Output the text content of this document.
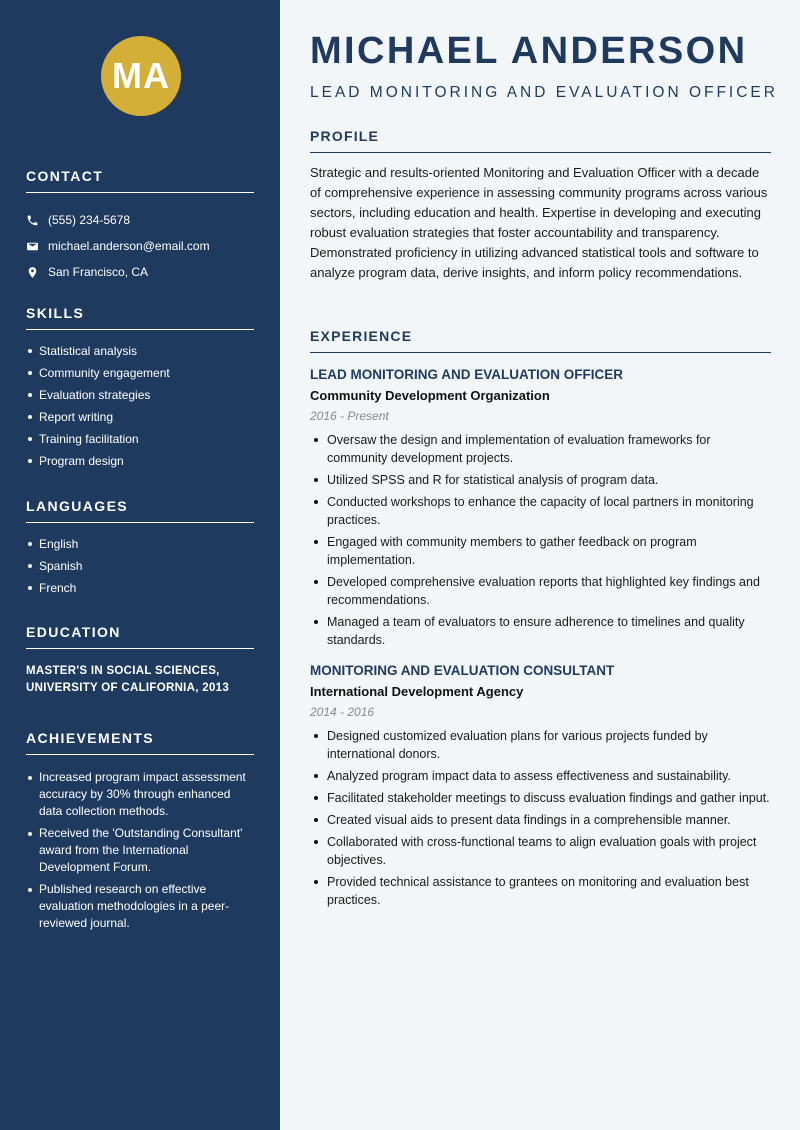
MA
CONTACT
(555) 234-5678
michael.anderson@email.com
San Francisco, CA
SKILLS
Statistical analysis
Community engagement
Evaluation strategies
Report writing
Training facilitation
Program design
LANGUAGES
English
Spanish
French
EDUCATION
MASTER'S IN SOCIAL SCIENCES,
UNIVERSITY OF CALIFORNIA, 2013
ACHIEVEMENTS
Increased program impact assessment accuracy by 30% through enhanced data collection methods.
Received the 'Outstanding Consultant' award from the International Development Forum.
Published research on effective evaluation methodologies in a peer-reviewed journal.
MICHAEL ANDERSON
LEAD MONITORING AND EVALUATION OFFICER
PROFILE

Strategic and results-oriented Monitoring and Evaluation Officer with a decade of comprehensive experience in assessing community programs across various sectors, including education and health. Expertise in developing and executing robust evaluation strategies that foster accountability and transparency. Demonstrated proficiency in utilizing advanced statistical tools and software to analyze program data, derive insights, and inform policy recommendations.

EXPERIENCE
LEAD MONITORING AND EVALUATION OFFICER
Community Development Organization
2016 - Present
Oversaw the design and implementation of evaluation frameworks for community development projects.
Utilized SPSS and R for statistical analysis of program data.
Conducted workshops to enhance the capacity of local partners in monitoring practices.
Engaged with community members to gather feedback on program implementation.
Developed comprehensive evaluation reports that highlighted key findings and recommendations.
Managed a team of evaluators to ensure adherence to timelines and quality standards.
MONITORING AND EVALUATION CONSULTANT
International Development Agency
2014 - 2016
Designed customized evaluation plans for various projects funded by international donors.
Analyzed program impact data to assess effectiveness and sustainability.
Facilitated stakeholder meetings to discuss evaluation findings and gather input.
Created visual aids to present data findings in a comprehensible manner.
Collaborated with cross-functional teams to align evaluation goals with project objectives.
Provided technical assistance to grantees on monitoring and evaluation best practices.
